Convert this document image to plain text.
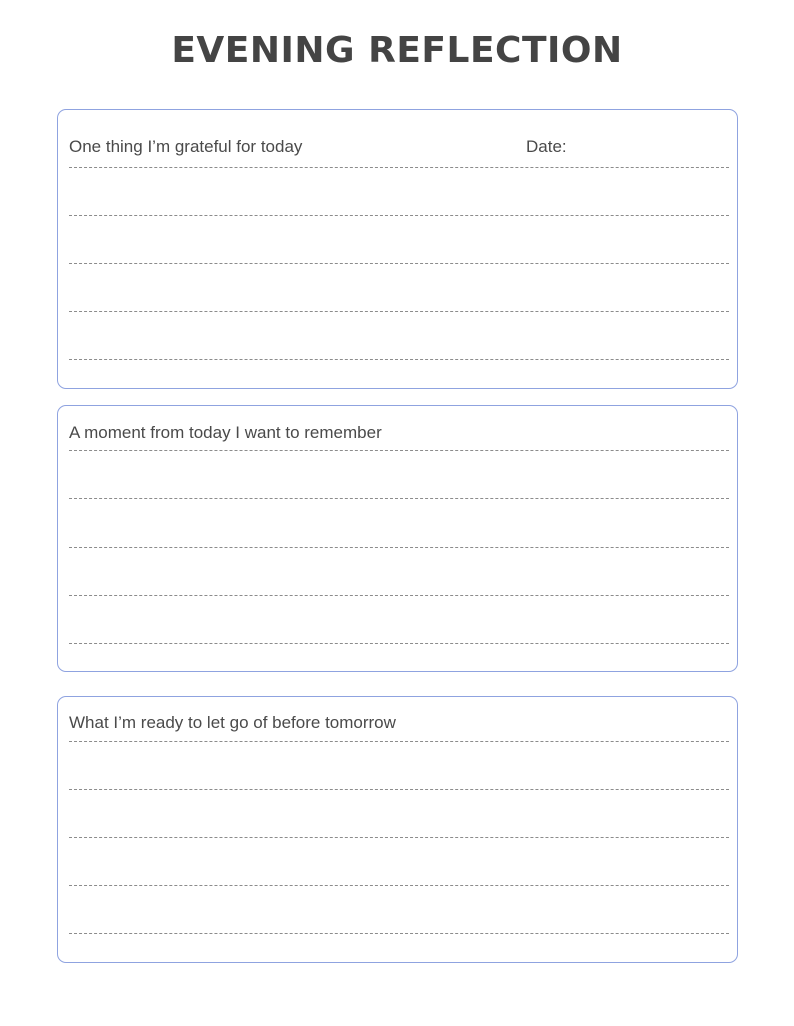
EVENING REFLECTION
One thing I’m grateful for today	Date:
A moment from today I want to remember
What I’m ready to let go of before tomorrow
